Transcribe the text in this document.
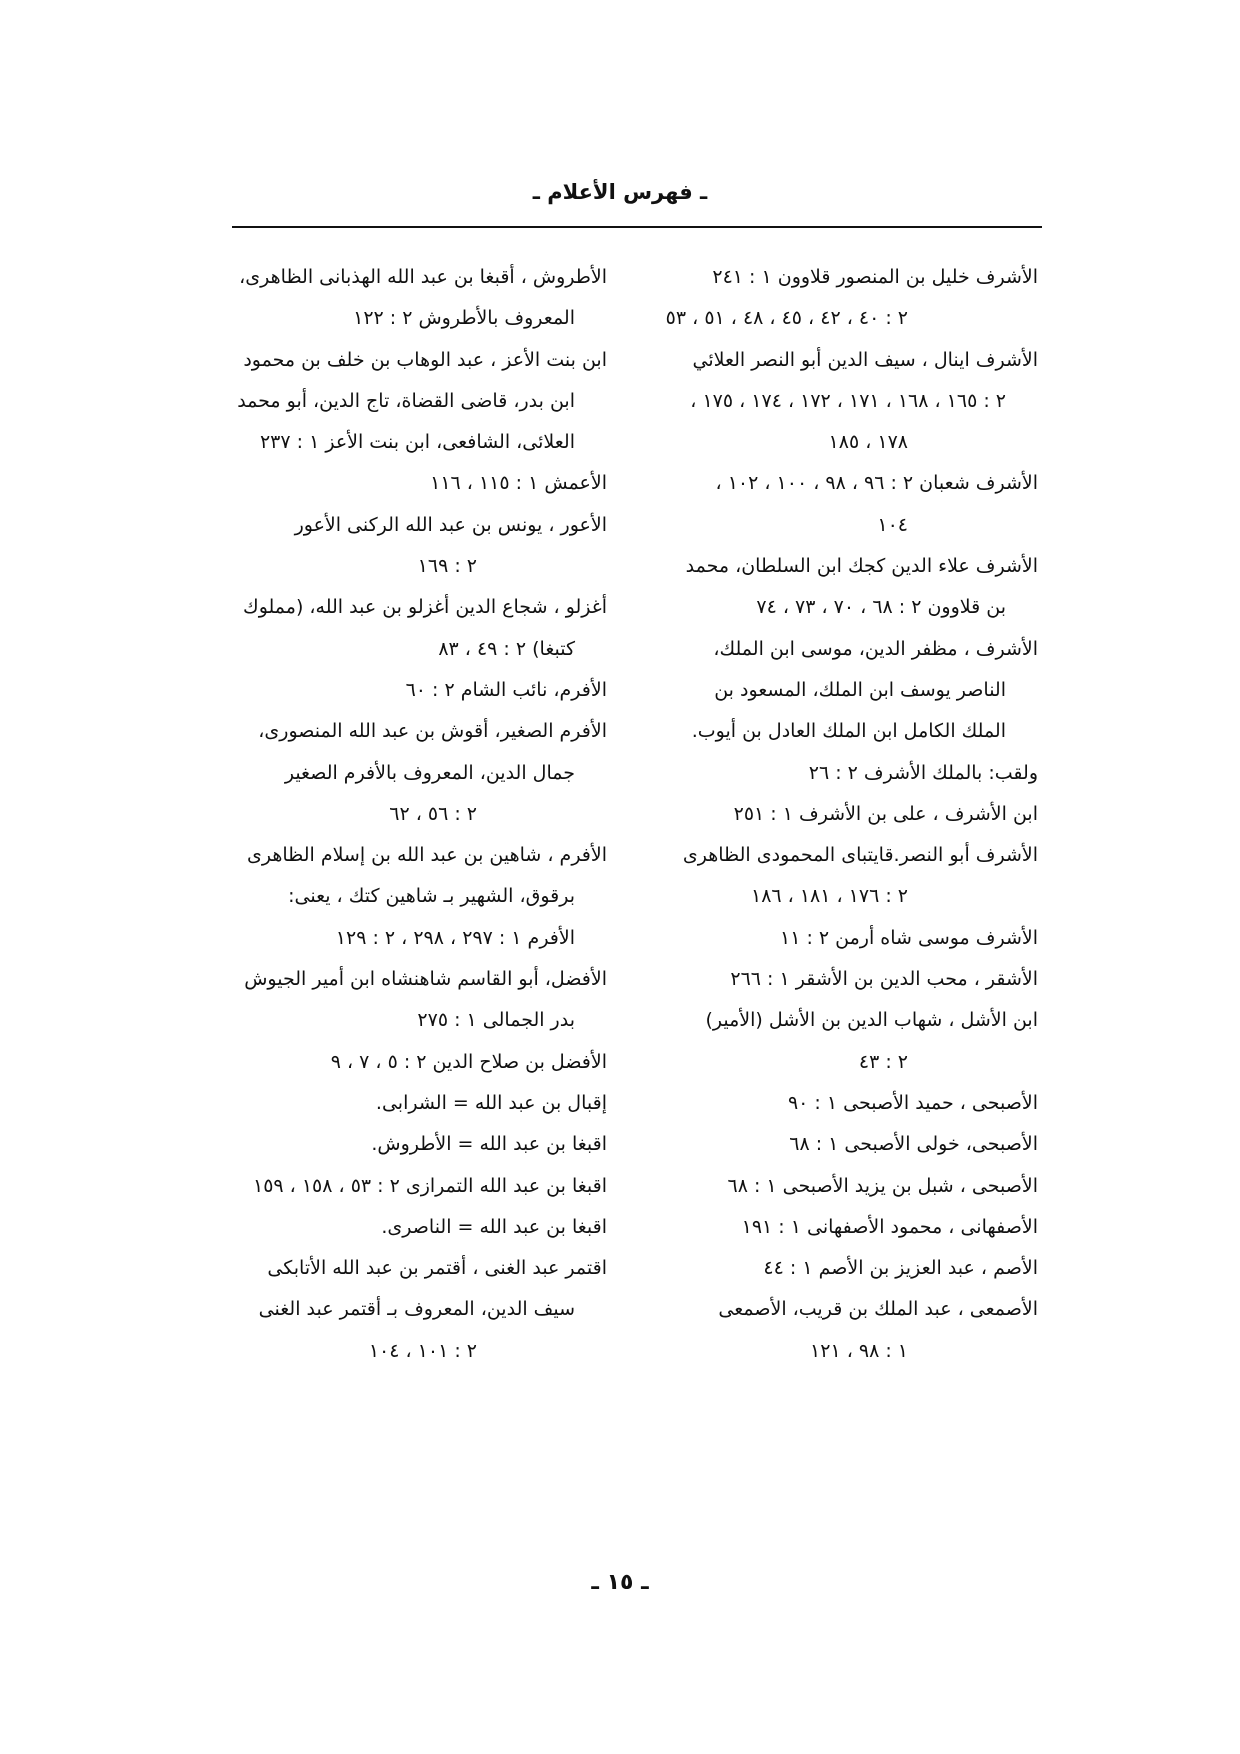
ـ فهرس الأعلام ـ
الأشرف خليل بن المنصور قلاوون ١ : ٢٤١
٢ : ٤٠ ، ٤٢ ، ٤٥ ، ٤٨ ، ٥١ ، ٥٣
الأشرف اينال ، سيف الدين أبو النصر العلائي
٢ : ١٦٥ ، ١٦٨ ، ١٧١ ، ١٧٢ ، ١٧٤ ، ١٧٥ ،
١٧٨ ، ١٨٥
الأشرف شعبان ٢ : ٩٦ ، ٩٨ ، ١٠٠ ، ١٠٢ ،
١٠٤
الأشرف علاء الدين كجك ابن السلطان، محمد
بن قلاوون ٢ : ٦٨ ، ٧٠ ، ٧٣ ، ٧٤
الأشرف ، مظفر الدين، موسى ابن الملك،
الناصر يوسف ابن الملك، المسعود بن
الملك الكامل ابن الملك العادل بن أيوب.
ولقب: بالملك الأشرف ٢ : ٢٦
ابن الأشرف ، على بن الأشرف ١ : ٢٥١
الأشرف أبو النصر.قايتباى المحمودى الظاهرى
٢ : ١٧٦ ، ١٨١ ، ١٨٦
الأشرف موسى شاه أرمن ٢ : ١١
الأشقر ، محب الدين بن الأشقر ١ : ٢٦٦
ابن الأشل ، شهاب الدين بن الأشل (الأمير)
٢ : ٤٣
الأصبحى ، حميد الأصبحى ١ : ٩٠
الأصبحى، خولى الأصبحى ١ : ٦٨
الأصبحى ، شبل بن يزيد الأصبحى ١ : ٦٨
الأصفهانى ، محمود الأصفهانى ١ : ١٩١
الأصم ، عبد العزيز بن الأصم ١ : ٤٤
الأصمعى ، عبد الملك بن قريب، الأصمعى
١ : ٩٨ ، ١٢١
الأطروش ، أقبغا بن عبد الله الهذبانى الظاهرى،
المعروف بالأطروش ٢ : ١٢٢
ابن بنت الأعز ، عبد الوهاب بن خلف بن محمود
ابن بدر، قاضى القضاة، تاج الدين، أبو محمد
العلائى، الشافعى، ابن بنت الأعز ١ : ٢٣٧
الأعمش ١ : ١١٥ ، ١١٦
الأعور ، يونس بن عبد الله الركنى الأعور
٢ : ١٦٩
أغزلو ، شجاع الدين أغزلو بن عبد الله، (مملوك
كتبغا) ٢ : ٤٩ ، ٨٣
الأفرم، نائب الشام ٢ : ٦٠
الأفرم الصغير، أقوش بن عبد الله المنصورى،
جمال الدين، المعروف بالأفرم الصغير
٢ : ٥٦ ، ٦٢
الأفرم ، شاهين بن عبد الله بن إسلام الظاهرى
برقوق، الشهير بـ شاهين كتك ، يعنى:
الأفرم ١ : ٢٩٧ ، ٢٩٨ ، ٢ : ١٢٩
الأفضل، أبو القاسم شاهنشاه ابن أمير الجيوش
بدر الجمالى ١ : ٢٧٥
الأفضل بن صلاح الدين ٢ : ٥ ، ٧ ، ٩
إقبال بن عبد الله = الشرابى.
اقبغا بن عبد الله = الأطروش.
اقبغا بن عبد الله التمرازى ٢ : ٥٣ ، ١٥٨ ، ١٥٩
اقبغا بن عبد الله = الناصرى.
اقتمر عبد الغنى ، أقتمر بن عبد الله الأتابكى
سيف الدين، المعروف بـ أقتمر عبد الغنى
٢ : ١٠١ ، ١٠٤
ـ ١٥ ـ
